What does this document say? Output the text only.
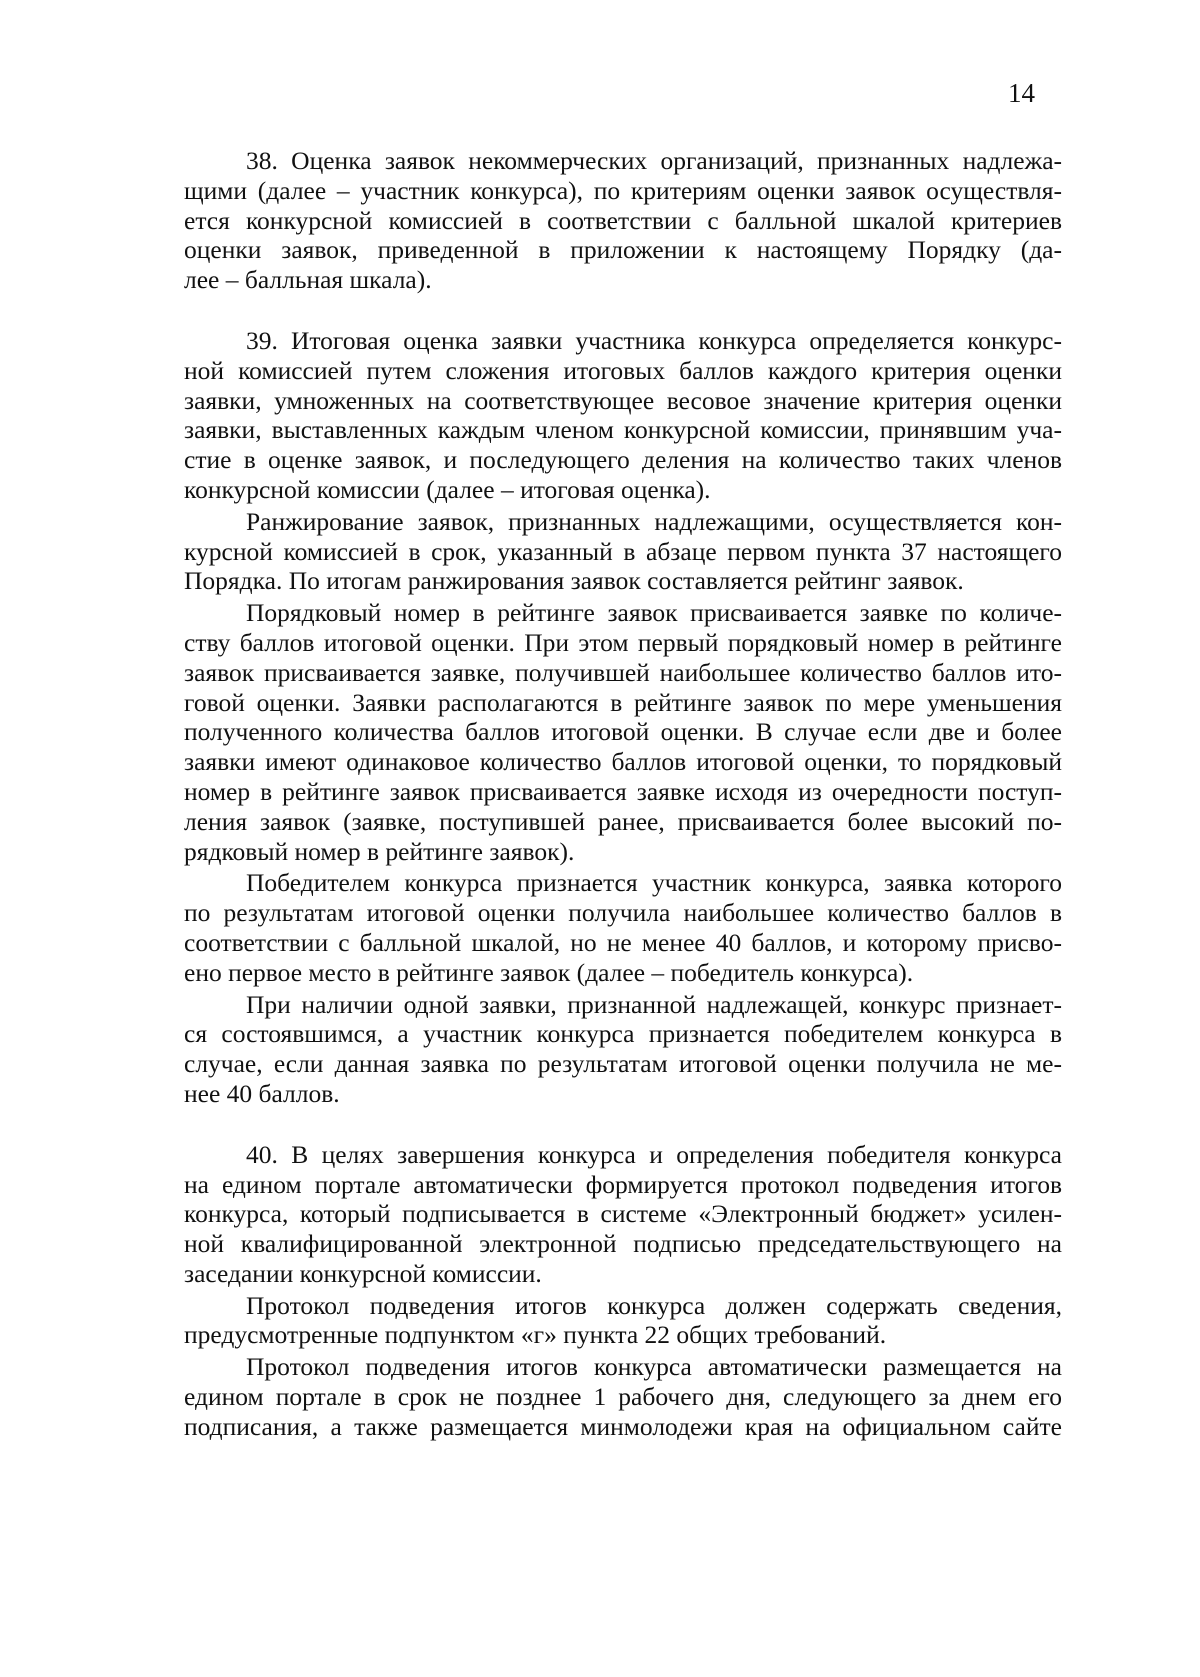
14
38. Оценка заявок некоммерческих организаций, признанных надлежа-
щими (далее – участник конкурса), по критериям оценки заявок осуществля-
ется конкурсной комиссией в соответствии с балльной шкалой критериев
оценки заявок, приведенной в приложении к настоящему Порядку (да-
лее – балльная шкала).
39. Итоговая оценка заявки участника конкурса определяется конкурс-
ной комиссией путем сложения итоговых баллов каждого критерия оценки
заявки, умноженных на соответствующее весовое значение критерия оценки
заявки, выставленных каждым членом конкурсной комиссии, принявшим уча-
стие в оценке заявок, и последующего деления на количество таких членов
конкурсной комиссии (далее – итоговая оценка).
Ранжирование заявок, признанных надлежащими, осуществляется кон-
курсной комиссией в срок, указанный в абзаце первом пункта 37 настоящего
Порядка. По итогам ранжирования заявок составляется рейтинг заявок.
Порядковый номер в рейтинге заявок присваивается заявке по количе-
ству баллов итоговой оценки. При этом первый порядковый номер в рейтинге
заявок присваивается заявке, получившей наибольшее количество баллов ито-
говой оценки. Заявки располагаются в рейтинге заявок по мере уменьшения
полученного количества баллов итоговой оценки. В случае если две и более
заявки имеют одинаковое количество баллов итоговой оценки, то порядковый
номер в рейтинге заявок присваивается заявке исходя из очередности поступ-
ления заявок (заявке, поступившей ранее, присваивается более высокий по-
рядковый номер в рейтинге заявок).
Победителем конкурса признается участник конкурса, заявка которого
по результатам итоговой оценки получила наибольшее количество баллов в
соответствии с балльной шкалой, но не менее 40 баллов, и которому присво-
ено первое место в рейтинге заявок (далее – победитель конкурса).
При наличии одной заявки, признанной надлежащей, конкурс признает-
ся состоявшимся, а участник конкурса признается победителем конкурса в
случае, если данная заявка по результатам итоговой оценки получила не ме-
нее 40 баллов.
40. В целях завершения конкурса и определения победителя конкурса
на едином портале автоматически формируется протокол подведения итогов
конкурса, который подписывается в системе «Электронный бюджет» усилен-
ной квалифицированной электронной подписью председательствующего на
заседании конкурсной комиссии.
Протокол подведения итогов конкурса должен содержать сведения,
предусмотренные подпунктом «г» пункта 22 общих требований.
Протокол подведения итогов конкурса автоматически размещается на
едином портале в срок не позднее 1 рабочего дня, следующего за днем его
подписания, а также размещается минмолодежи края на официальном сайте
